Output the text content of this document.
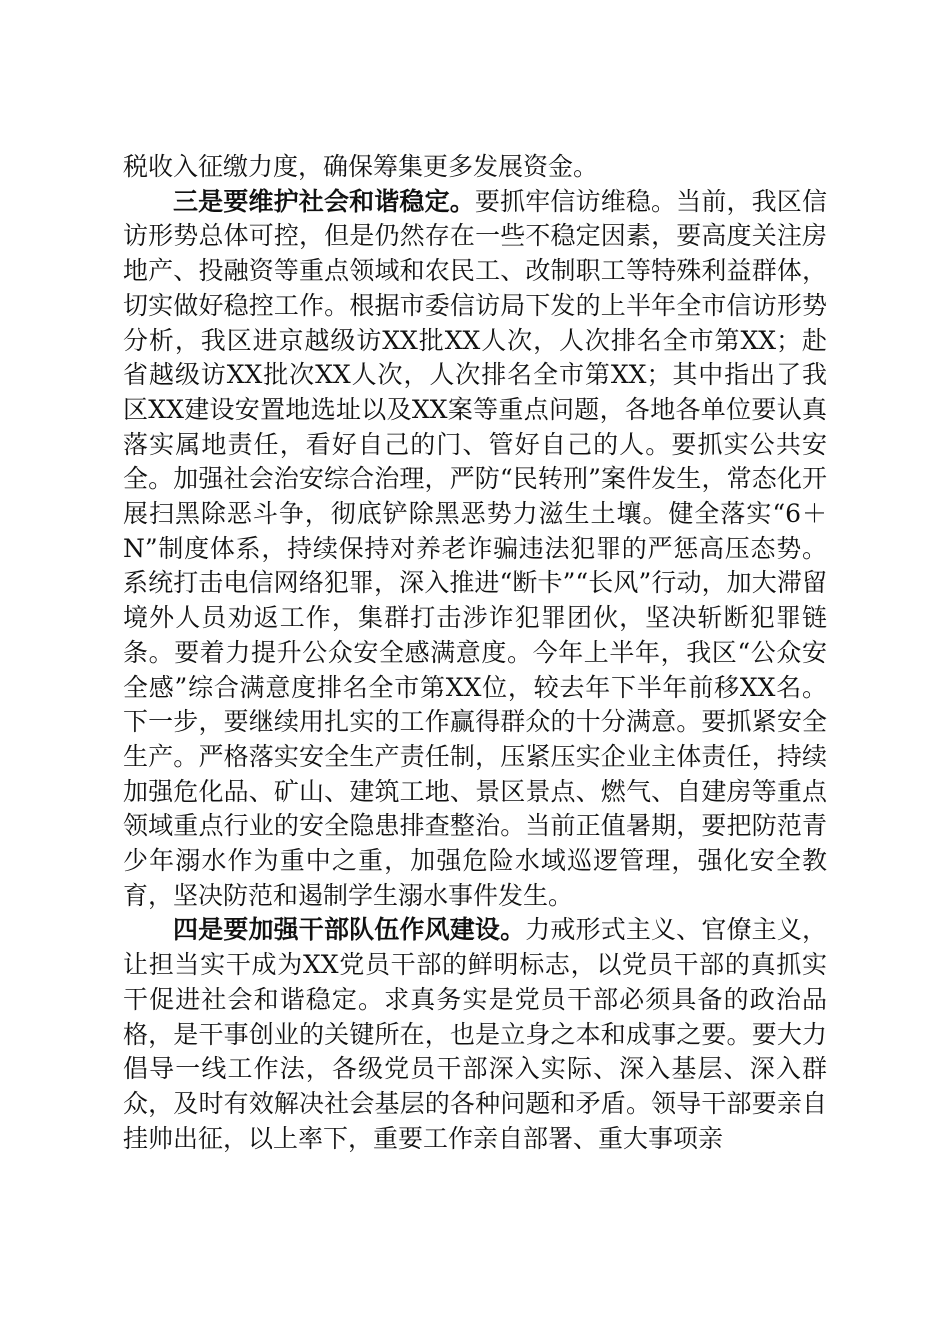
税收入征缴力度，确保筹集更多发展资金。

三是要维护社会和谐稳定。要抓牢信访维稳。当前，我区信访形势总体可控，但是仍然存在一些不稳定因素，要高度关注房地产、投融资等重点领域和农民工、改制职工等特殊利益群体，切实做好稳控工作。根据市委信访局下发的上半年全市信访形势分析，我区进京越级访XX批XX人次，人次排名全市第XX；赴省越级访XX批次XX人次，人次排名全市第XX；其中指出了我区XX建设安置地选址以及XX案等重点问题，各地各单位要认真落实属地责任，看好自己的门、管好自己的人。要抓实公共安全。加强社会治安综合治理，严防“民转刑”案件发生，常态化开展扫黑除恶斗争，彻底铲除黑恶势力滋生土壤。健全落实“6＋N”制度体系，持续保持对养老诈骗违法犯罪的严惩高压态势。系统打击电信网络犯罪，深入推进“断卡”“长风”行动，加大滞留境外人员劝返工作，集群打击涉诈犯罪团伙，坚决斩断犯罪链条。要着力提升公众安全感满意度。今年上半年，我区“公众安全感”综合满意度排名全市第XX位，较去年下半年前移XX名。下一步，要继续用扎实的工作赢得群众的十分满意。要抓紧安全生产。严格落实安全生产责任制，压紧压实企业主体责任，持续加强危化品、矿山、建筑工地、景区景点、燃气、自建房等重点领域重点行业的安全隐患排查整治。当前正值暑期，要把防范青少年溺水作为重中之重，加强危险水域巡逻管理，强化安全教育，坚决防范和遏制学生溺水事件发生。

四是要加强干部队伍作风建设。力戒形式主义、官僚主义，让担当实干成为XX党员干部的鲜明标志，以党员干部的真抓实干促进社会和谐稳定。求真务实是党员干部必须具备的政治品格，是干事创业的关键所在，也是立身之本和成事之要。要大力倡导一线工作法，各级党员干部深入实际、深入基层、深入群众，及时有效解决社会基层的各种问题和矛盾。领导干部要亲自挂帅出征，以上率下，重要工作亲自部署、重大事项亲
